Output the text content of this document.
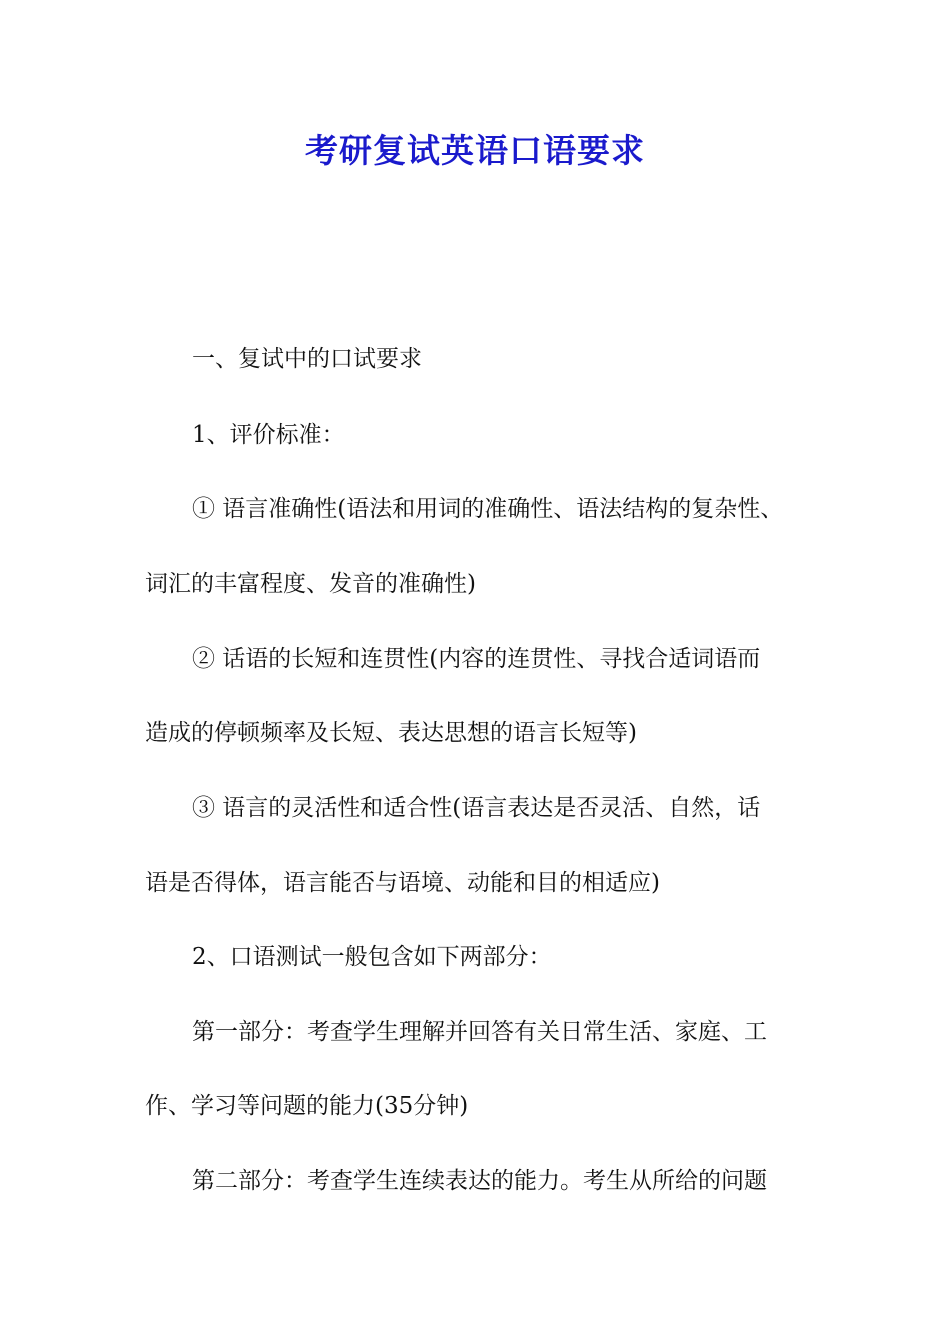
考研复试英语口语要求

一、复试中的口试要求

1、评价标准：

① 语言准确性(语法和用词的准确性、语法结构的复杂性、

词汇的丰富程度、发音的准确性)

② 话语的长短和连贯性(内容的连贯性、寻找合适词语而

造成的停顿频率及长短、表达思想的语言长短等)

③ 语言的灵活性和适合性(语言表达是否灵活、自然，话

语是否得体，语言能否与语境、动能和目的相适应)

2、口语测试一般包含如下两部分：

第一部分：考查学生理解并回答有关日常生活、家庭、工

作、学习等问题的能力(35分钟)

第二部分：考查学生连续表达的能力。考生从所给的问题
